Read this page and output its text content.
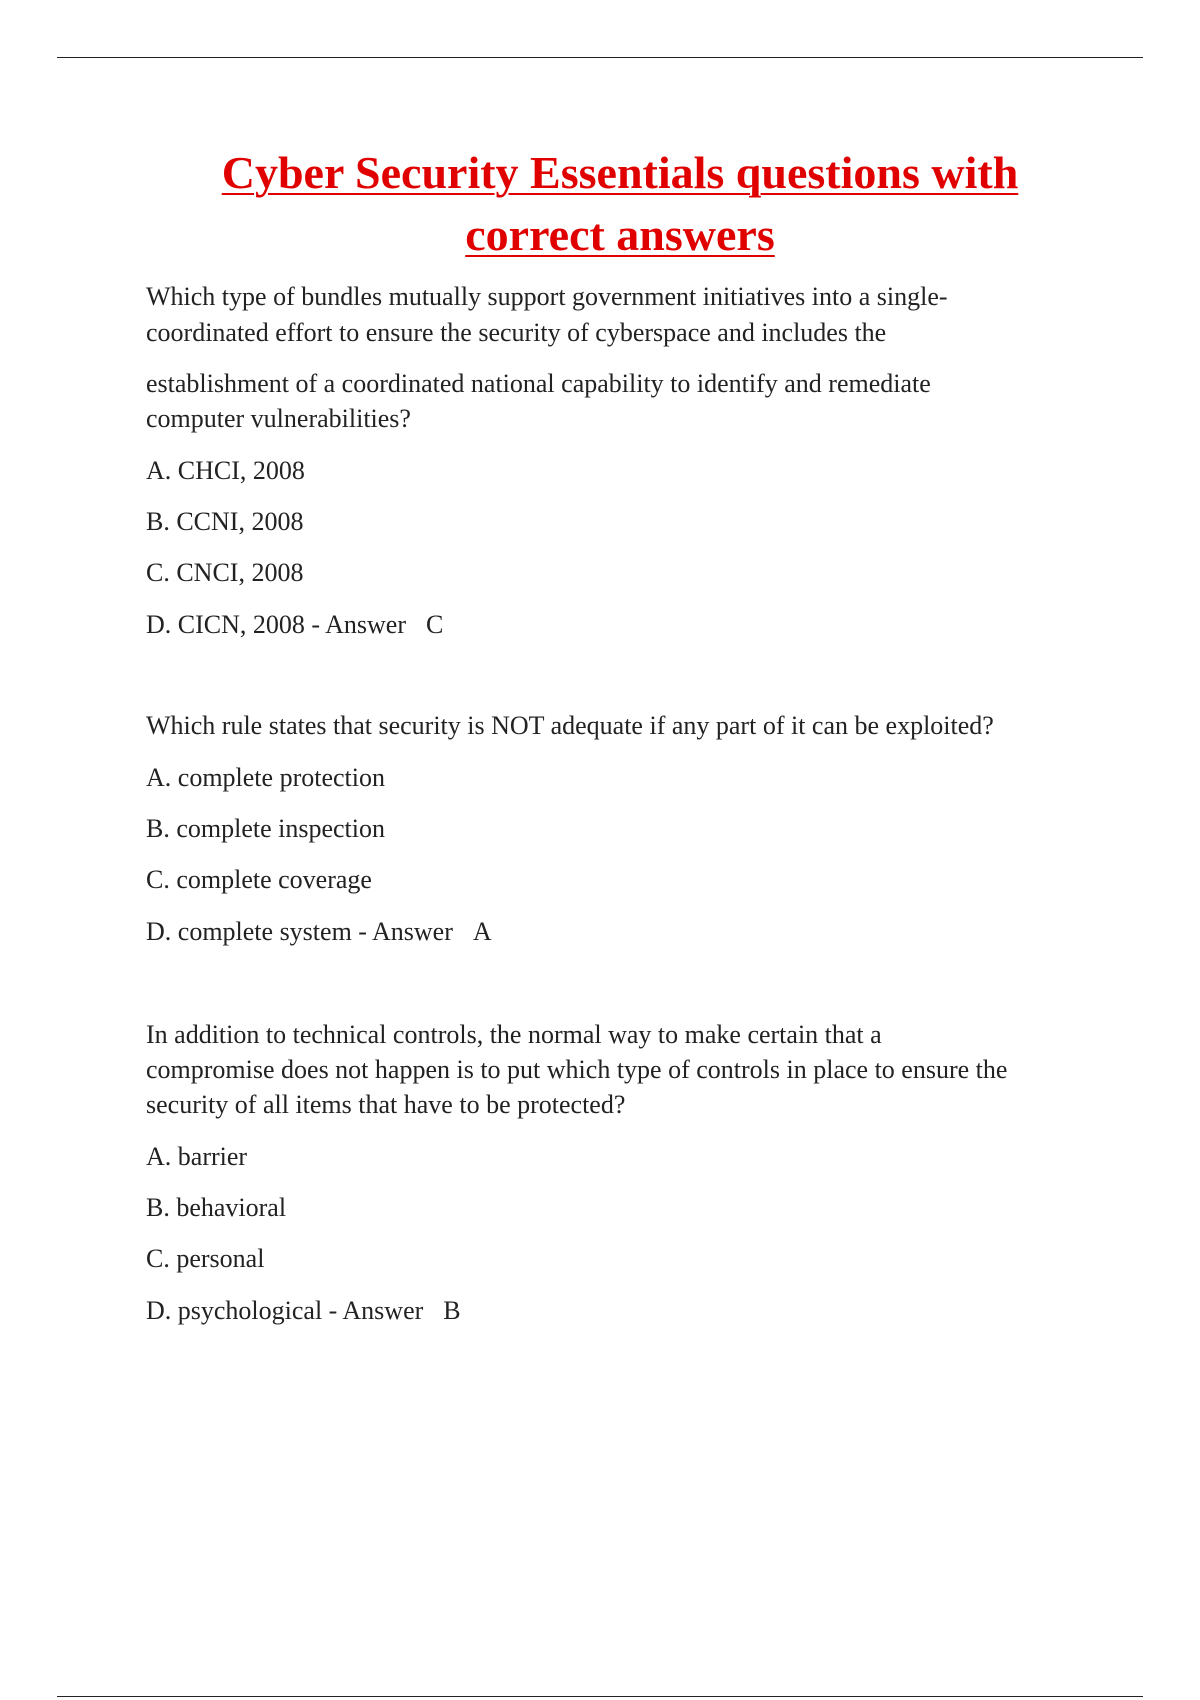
Cyber Security Essentials questions with
correct answers
Which type of bundles mutually support government initiatives into a single-
coordinated effort to ensure the security of cyberspace and includes the
establishment of a coordinated national capability to identify and remediate
computer vulnerabilities?
A. CHCI, 2008
B. CCNI, 2008
C. CNCI, 2008
D. CICN, 2008 - Answer C
Which rule states that security is NOT adequate if any part of it can be exploited?
A. complete protection
B. complete inspection
C. complete coverage
D. complete system - Answer A
In addition to technical controls, the normal way to make certain that a
compromise does not happen is to put which type of controls in place to ensure the
security of all items that have to be protected?
A. barrier
B. behavioral
C. personal
D. psychological - Answer B
